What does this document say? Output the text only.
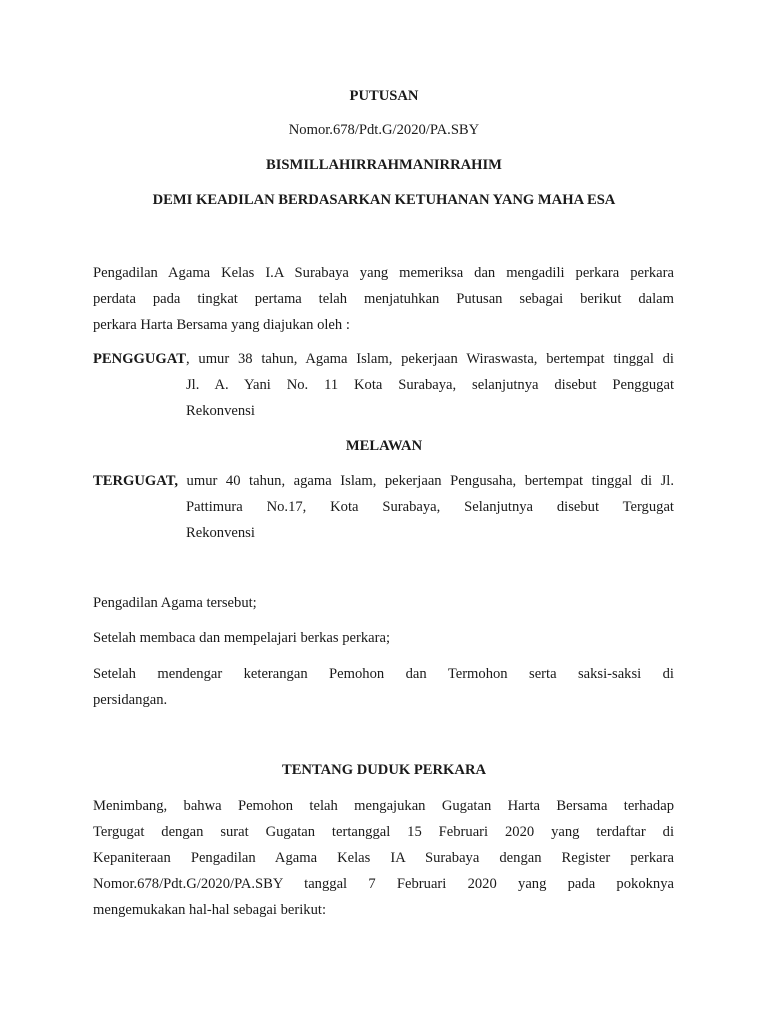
PUTUSAN
Nomor.678/Pdt.G/2020/PA.SBY
BISMILLAHIRRAHMANIRRAHIM
DEMI KEADILAN BERDASARKAN KETUHANAN YANG MAHA ESA
Pengadilan Agama Kelas I.A Surabaya yang memeriksa dan mengadili perkara perkara
perdata pada tingkat pertama telah menjatuhkan Putusan sebagai berikut dalam
perkara Harta Bersama yang diajukan oleh :
PENGGUGAT, umur 38 tahun, Agama Islam, pekerjaan Wiraswasta, bertempat tinggal di
Jl. A. Yani No. 11 Kota Surabaya, selanjutnya disebut Penggugat
Rekonvensi
MELAWAN
TERGUGAT, umur 40 tahun, agama Islam, pekerjaan Pengusaha, bertempat tinggal di Jl.
Pattimura No.17, Kota Surabaya, Selanjutnya disebut Tergugat
Rekonvensi
Pengadilan Agama tersebut;
Setelah membaca dan mempelajari berkas perkara;
Setelah mendengar keterangan Pemohon dan Termohon serta saksi-saksi di
persidangan.
TENTANG DUDUK PERKARA
Menimbang, bahwa Pemohon telah mengajukan Gugatan Harta Bersama terhadap
Tergugat dengan surat Gugatan tertanggal 15 Februari 2020 yang terdaftar di
Kepaniteraan Pengadilan Agama Kelas IA Surabaya dengan Register perkara
Nomor.678/Pdt.G/2020/PA.SBY tanggal 7 Februari 2020 yang pada pokoknya
mengemukakan hal-hal sebagai berikut:
